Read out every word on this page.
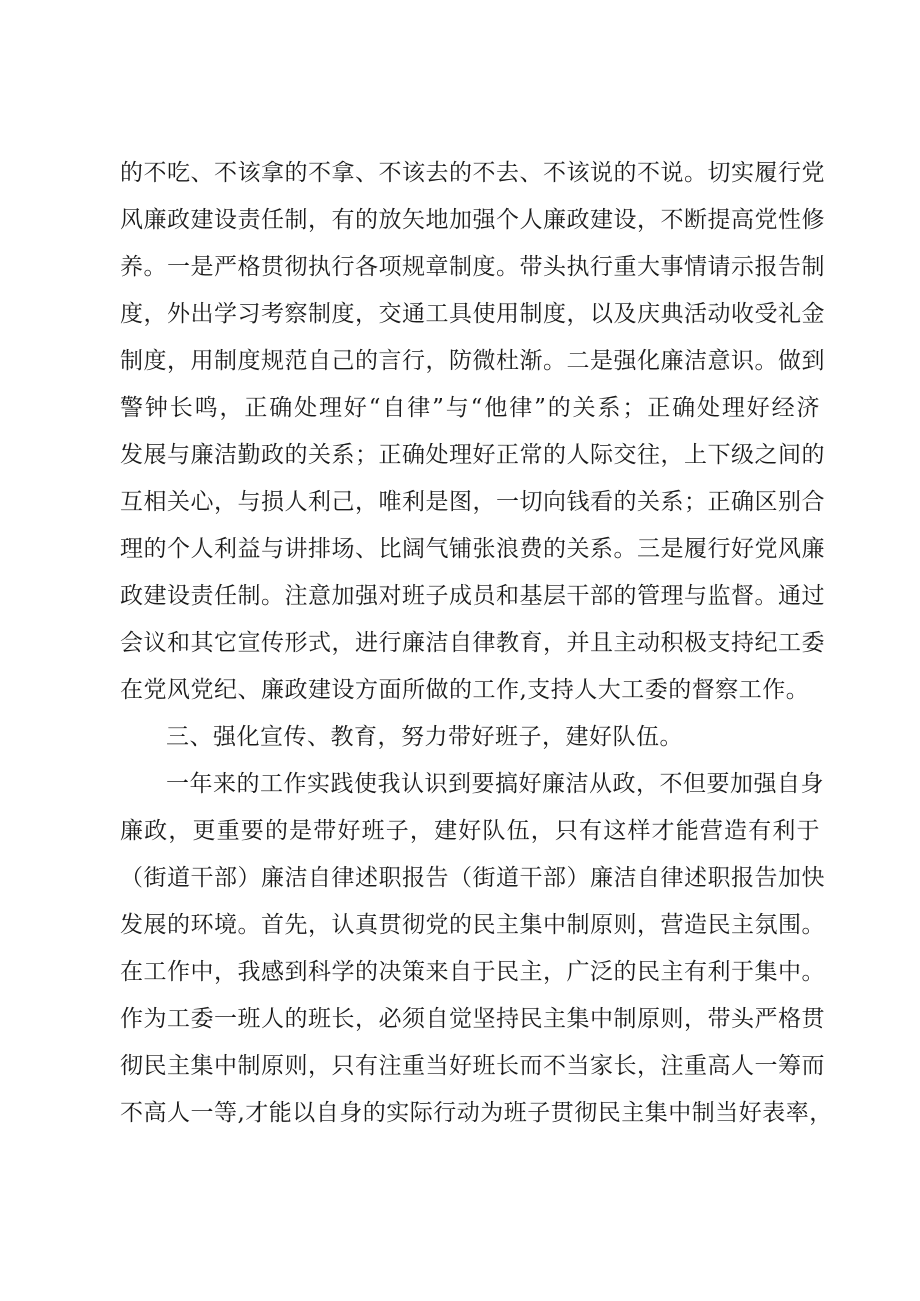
的不吃、不该拿的不拿、不该去的不去、不该说的不说。切实履行党
风廉政建设责任制，有的放矢地加强个人廉政建设，不断提高党性修
养。一是严格贯彻执行各项规章制度。带头执行重大事情请示报告制
度，外出学习考察制度，交通工具使用制度，以及庆典活动收受礼金
制度，用制度规范自己的言行，防微杜渐。二是强化廉洁意识。做到
警钟长鸣，正确处理好“自律”与“他律”的关系；正确处理好经济
发展与廉洁勤政的关系；正确处理好正常的人际交往，上下级之间的
互相关心，与损人利己，唯利是图，一切向钱看的关系；正确区别合
理的个人利益与讲排场、比阔气铺张浪费的关系。三是履行好党风廉
政建设责任制。注意加强对班子成员和基层干部的管理与监督。通过
会议和其它宣传形式，进行廉洁自律教育，并且主动积极支持纪工委
在党风党纪、廉政建设方面所做的工作,支持人大工委的督察工作。
三、强化宣传、教育，努力带好班子，建好队伍。
一年来的工作实践使我认识到要搞好廉洁从政，不但要加强自身
廉政，更重要的是带好班子，建好队伍，只有这样才能营造有利于
（街道干部）廉洁自律述职报告（街道干部）廉洁自律述职报告加快
发展的环境。首先，认真贯彻党的民主集中制原则，营造民主氛围。
在工作中，我感到科学的决策来自于民主，广泛的民主有利于集中。
作为工委一班人的班长，必须自觉坚持民主集中制原则，带头严格贯
彻民主集中制原则，只有注重当好班长而不当家长，注重高人一筹而
不高人一等,才能以自身的实际行动为班子贯彻民主集中制当好表率，
